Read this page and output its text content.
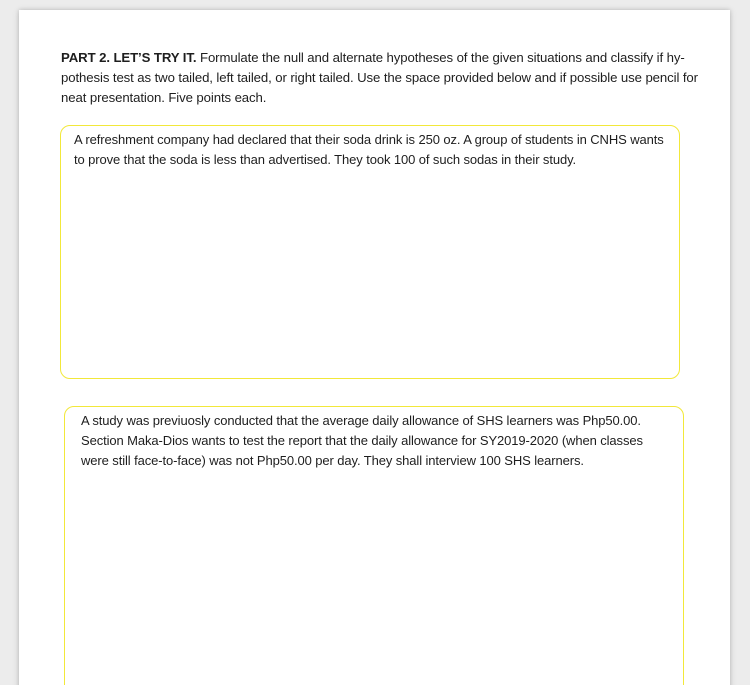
PART 2. LET’S TRY IT. Formulate the null and alternate hypotheses of the given situations and classify if hy-pothesis test as two tailed, left tailed, or right tailed. Use the space provided below and if possible use pencil for neat presentation. Five points each.

A refreshment company had declared that their soda drink is 250 oz. A group of students in CNHS wants to prove that the soda is less than advertised. They took 100 of such sodas in their study.

A study was previuosly conducted that the average daily allowance of SHS learners was Php50.00. Section Maka-Dios wants to test the report that the daily allowance for SY2019-2020 (when classes were still face-to-face) was not Php50.00 per day. They shall interview 100 SHS learners.
